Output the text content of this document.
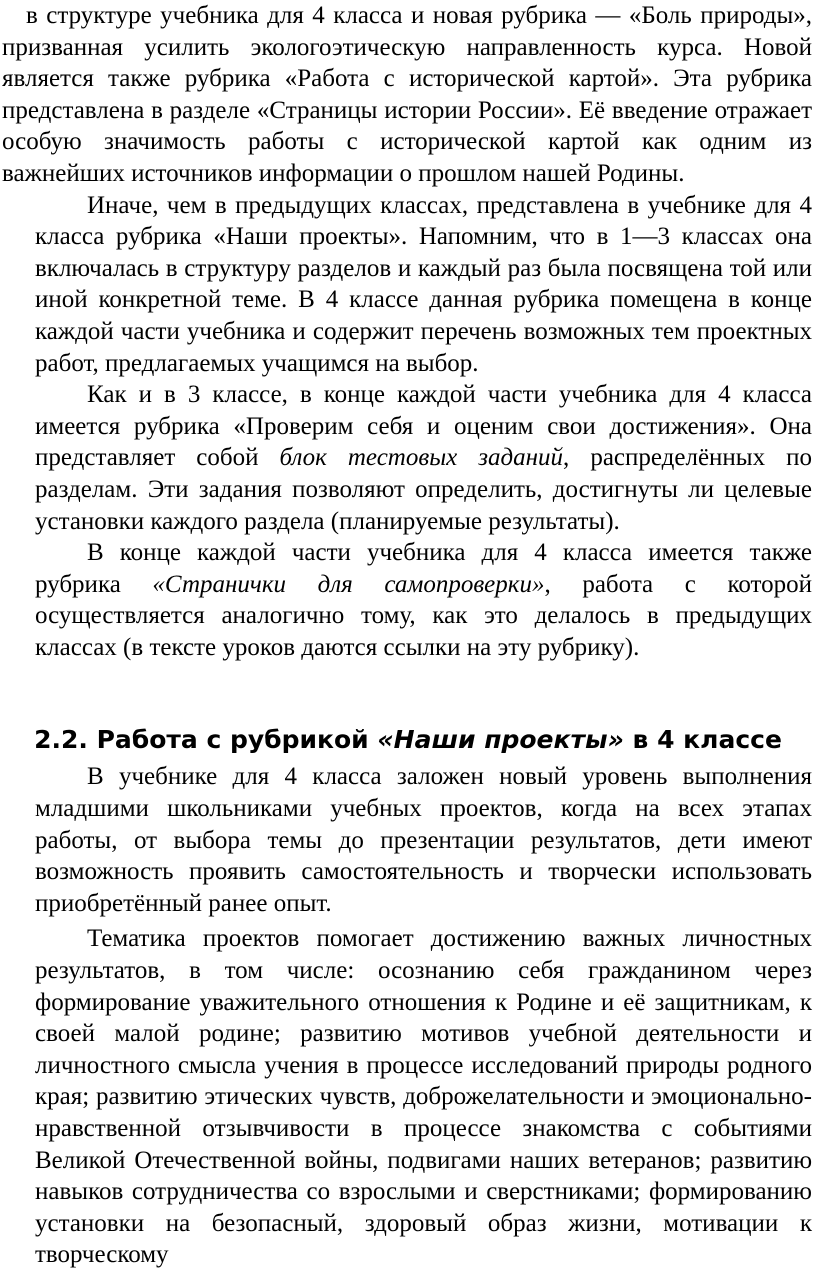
в структуре учебника для 4 класса и новая рубрика — «Боль природы», призванная усилить экологоэтическую направленность курса. Новой является также рубрика «Работа с исторической картой». Эта рубрика представлена в разделе «Страницы истории России». Её введение отражает особую значимость работы с исторической картой как одним из важнейших источников информации о прошлом нашей Родины.

Иначе, чем в предыдущих классах, представлена в учебнике для 4 класса рубрика «Наши проекты». Напомним, что в 1—3 классах она включалась в структуру разделов и каждый раз была посвящена той или иной конкретной теме. В 4 классе данная рубрика помещена в конце каждой части учебника и содержит перечень возможных тем проектных работ, предлагаемых учащимся на выбор.

Как и в 3 классе, в конце каждой части учебника для 4 класса имеется рубрика «Проверим себя и оценим свои достижения». Она представляет собой блок тестовых заданий, распределённых по разделам. Эти задания позволяют определить, достигнуты ли целевые установки каждого раздела (планируемые результаты).

В конце каждой части учебника для 4 класса имеется также рубрика «Странички для самопроверки», работа с которой осуществляется аналогично тому, как это делалось в предыдущих классах (в тексте уроков даются ссылки на эту рубрику).

2.2. Работа с рубрикой «Наши проекты» в 4 классе

В учебнике для 4 класса заложен новый уровень выполнения младшими школьниками учебных проектов, когда на всех этапах работы, от выбора темы до презентации результатов, дети имеют возможность проявить самостоятельность и творчески использовать приобретённый ранее опыт.

Тематика проектов помогает достижению важных личностных результатов, в том числе: осознанию себя гражданином через формирование уважительного отношения к Родине и её защитникам, к своей малой родине; развитию мотивов учебной деятельности и личностного смысла учения в процессе исследований природы родного края; развитию этических чувств, доброжелательности и эмоционально-нравственной отзывчивости в процессе знакомства с событиями Великой Отечественной войны, подвигами наших ветеранов; развитию навыков сотрудничества со взрослыми и сверстниками; формированию установки на безопасный, здоровый образ жизни, мотивации к творческому
